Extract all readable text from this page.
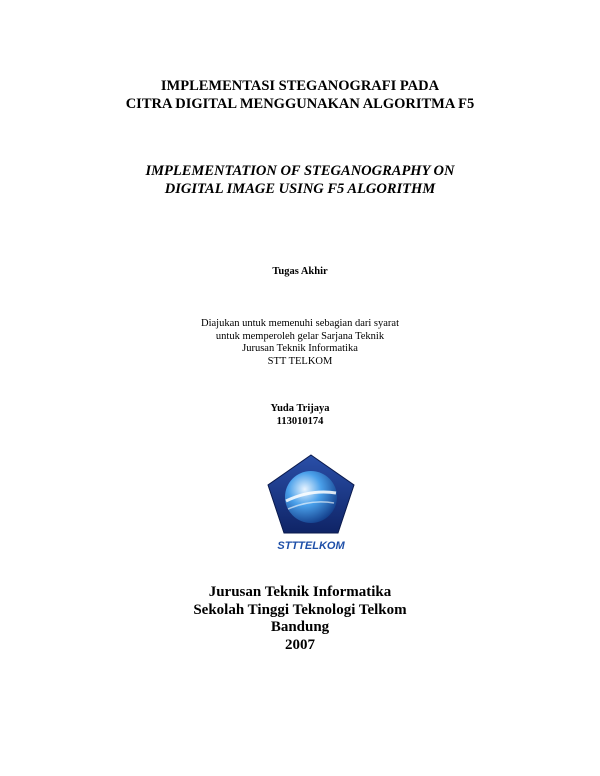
IMPLEMENTASI STEGANOGRAFI PADA
CITRA DIGITAL MENGGUNAKAN ALGORITMA F5
IMPLEMENTATION OF STEGANOGRAPHY ON
DIGITAL IMAGE USING F5 ALGORITHM
Tugas Akhir
Diajukan untuk memenuhi sebagian dari syarat
untuk memperoleh gelar Sarjana Teknik
Jurusan Teknik Informatika
STT TELKOM
Yuda Trijaya
113010174
STTTELKOM
Jurusan Teknik Informatika
Sekolah Tinggi Teknologi Telkom
Bandung
2007
